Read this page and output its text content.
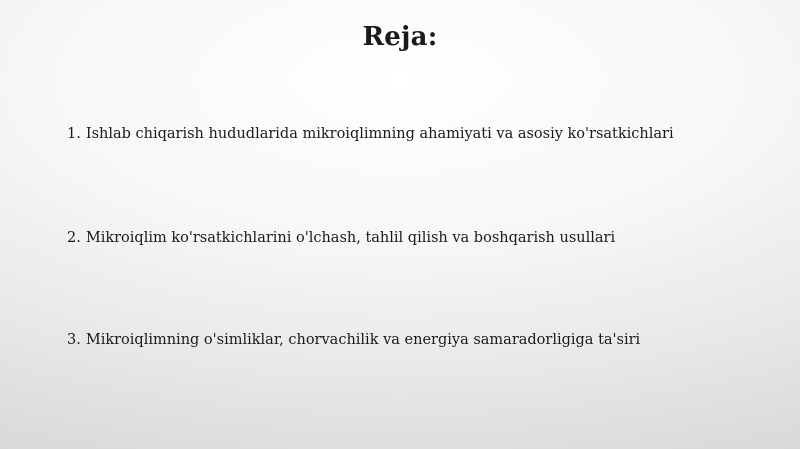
Reja:
1. Ishlab chiqarish hududlarida mikroiqlimning ahamiyati va asosiy ko'rsatkichlari
2. Mikroiqlim ko'rsatkichlarini o'lchash, tahlil qilish va boshqarish usullari
3. Mikroiqlimning o'simliklar, chorvachilik va energiya samaradorligiga ta'siri
